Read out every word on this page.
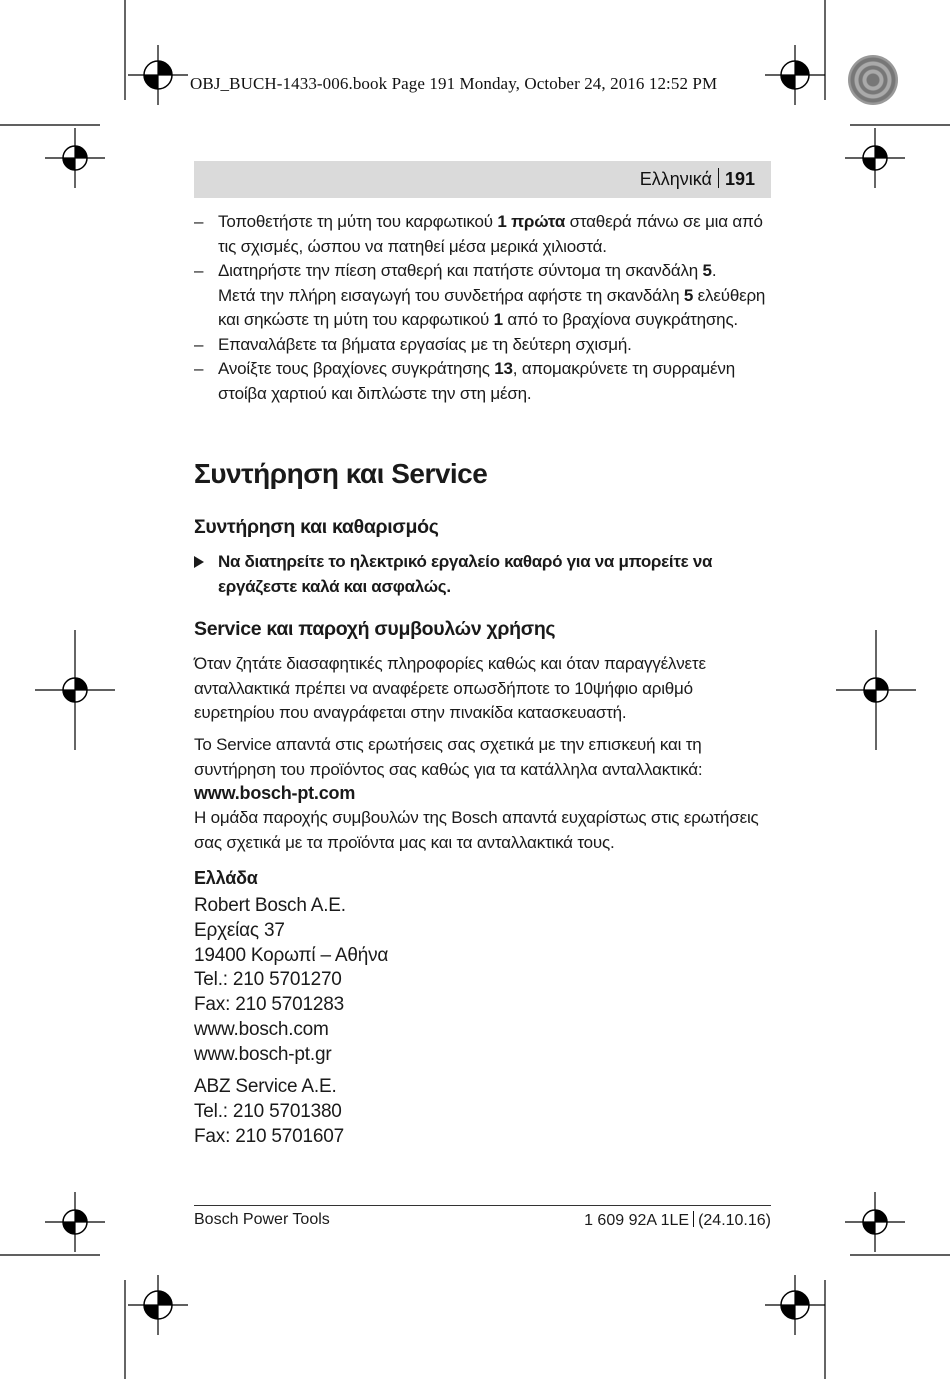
OBJ_BUCH-1433-006.book Page 191 Monday, October 24, 2016 12:52 PM
Ελληνικά 191
– Τοποθετήστε τη μύτη του καρφωτικού 1 πρώτα σταθερά πάνω σε μια από τις σχισμές, ώσπου να πατηθεί μέσα μερικά χιλιοστά.
– Διατηρήστε την πίεση σταθερή και πατήστε σύντομα τη σκανδάλη 5.
Μετά την πλήρη εισαγωγή του συνδετήρα αφήστε τη σκανδάλη 5 ελεύθερη και σηκώστε τη μύτη του καρφωτικού 1 από το βραχίονα συγκράτησης.
– Επαναλάβετε τα βήματα εργασίας με τη δεύτερη σχισμή.
– Ανοίξτε τους βραχίονες συγκράτησης 13, απομακρύνετε τη συρραμένη στοίβα χαρτιού και διπλώστε την στη μέση.
Συντήρηση και Service
Συντήρηση και καθαρισμός
Να διατηρείτε το ηλεκτρικό εργαλείο καθαρό για να μπορείτε να εργάζεστε καλά και ασφαλώς.
Service και παροχή συμβουλών χρήσης
Όταν ζητάτε διασαφητικές πληροφορίες καθώς και όταν παραγγέλνετε ανταλλακτικά πρέπει να αναφέρετε οπωσδήποτε το 10ψήφιο αριθμό ευρετηρίου που αναγράφεται στην πινακίδα κατασκευαστή.
Το Service απαντά στις ερωτήσεις σας σχετικά με την επισκευή και τη συντήρηση του προϊόντος σας καθώς για τα κατάλληλα ανταλλακτικά:
www.bosch-pt.com
Η ομάδα παροχής συμβουλών της Bosch απαντά ευχαρίστως στις ερωτήσεις σας σχετικά με τα προϊόντα μας και τα ανταλλακτικά τους.
Ελλάδα
Robert Bosch A.E.
Ερχείας 37
19400 Κορωπί – Αθήνα
Tel.: 210 5701270
Fax: 210 5701283
www.bosch.com
www.bosch-pt.gr
ABZ Service A.E.
Tel.: 210 5701380
Fax: 210 5701607
Bosch Power Tools	1 609 92A 1LE (24.10.16)
